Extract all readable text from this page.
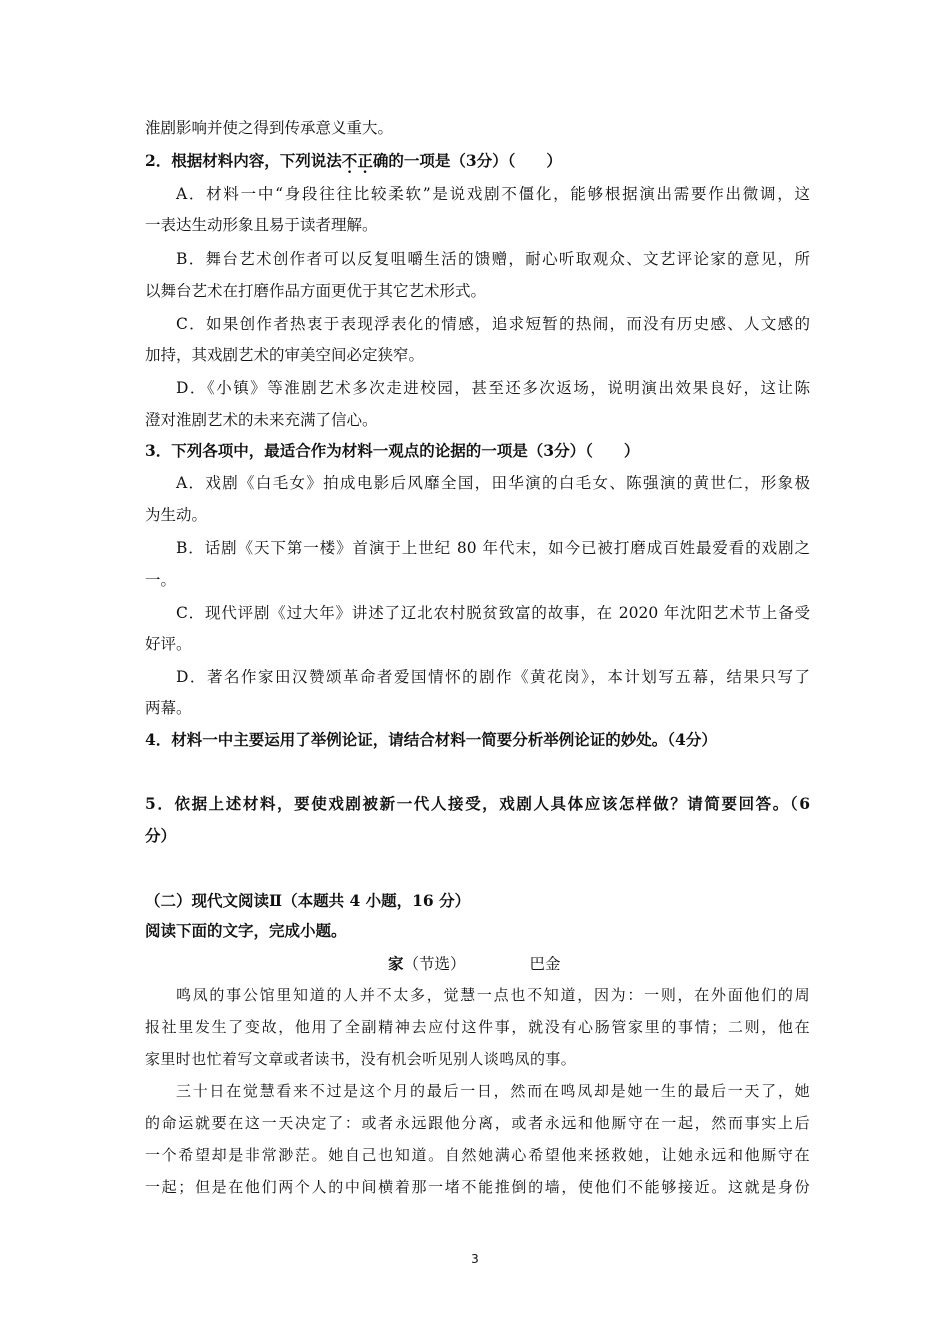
淮剧影响并使之得到传承意义重大。
2．根据材料内容，下列说法不正确的一项是（3分）（　　）
A．材料一中“身段往往比较柔软”是说戏剧不僵化，能够根据演出需要作出微调，这
一表达生动形象且易于读者理解。
B．舞台艺术创作者可以反复咀嚼生活的馈赠，耐心听取观众、文艺评论家的意见，所
以舞台艺术在打磨作品方面更优于其它艺术形式。
C．如果创作者热衷于表现浮表化的情感，追求短暂的热闹，而没有历史感、人文感的
加持，其戏剧艺术的审美空间必定狭窄。
D．《小镇》等淮剧艺术多次走进校园，甚至还多次返场，说明演出效果良好，这让陈
澄对淮剧艺术的未来充满了信心。
3．下列各项中，最适合作为材料一观点的论据的一项是（3分）（　　）
A．戏剧《白毛女》拍成电影后风靡全国，田华演的白毛女、陈强演的黄世仁，形象极
为生动。
B．话剧《天下第一楼》首演于上世纪 80 年代末，如今已被打磨成百姓最爱看的戏剧之
一。
C．现代评剧《过大年》讲述了辽北农村脱贫致富的故事，在 2020 年沈阳艺术节上备受
好评。
D．著名作家田汉赞颂革命者爱国情怀的剧作《黄花岗》，本计划写五幕，结果只写了
两幕。
4．材料一中主要运用了举例论证，请结合材料一简要分析举例论证的妙处。（4分）
5．依据上述材料，要使戏剧被新一代人接受，戏剧人具体应该怎样做？请简要回答。（6
分）
（二）现代文阅读Ⅱ（本题共 4 小题，16 分）
阅读下面的文字，完成小题。
家（节选）	巴金
鸣凤的事公馆里知道的人并不太多，觉慧一点也不知道，因为：一则，在外面他们的周
报社里发生了变故，他用了全副精神去应付这件事，就没有心肠管家里的事情；二则，他在
家里时也忙着写文章或者读书，没有机会听见别人谈鸣凤的事。
三十日在觉慧看来不过是这个月的最后一日，然而在鸣凤却是她一生的最后一天了，她
的命运就要在这一天决定了：或者永远跟他分离，或者永远和他厮守在一起，然而事实上后
一个希望却是非常渺茫。她自己也知道。自然她满心希望他来拯救她，让她永远和他厮守在
一起；但是在他们两个人的中间横着那一堵不能推倒的墙，使他们不能够接近。这就是身份
3
